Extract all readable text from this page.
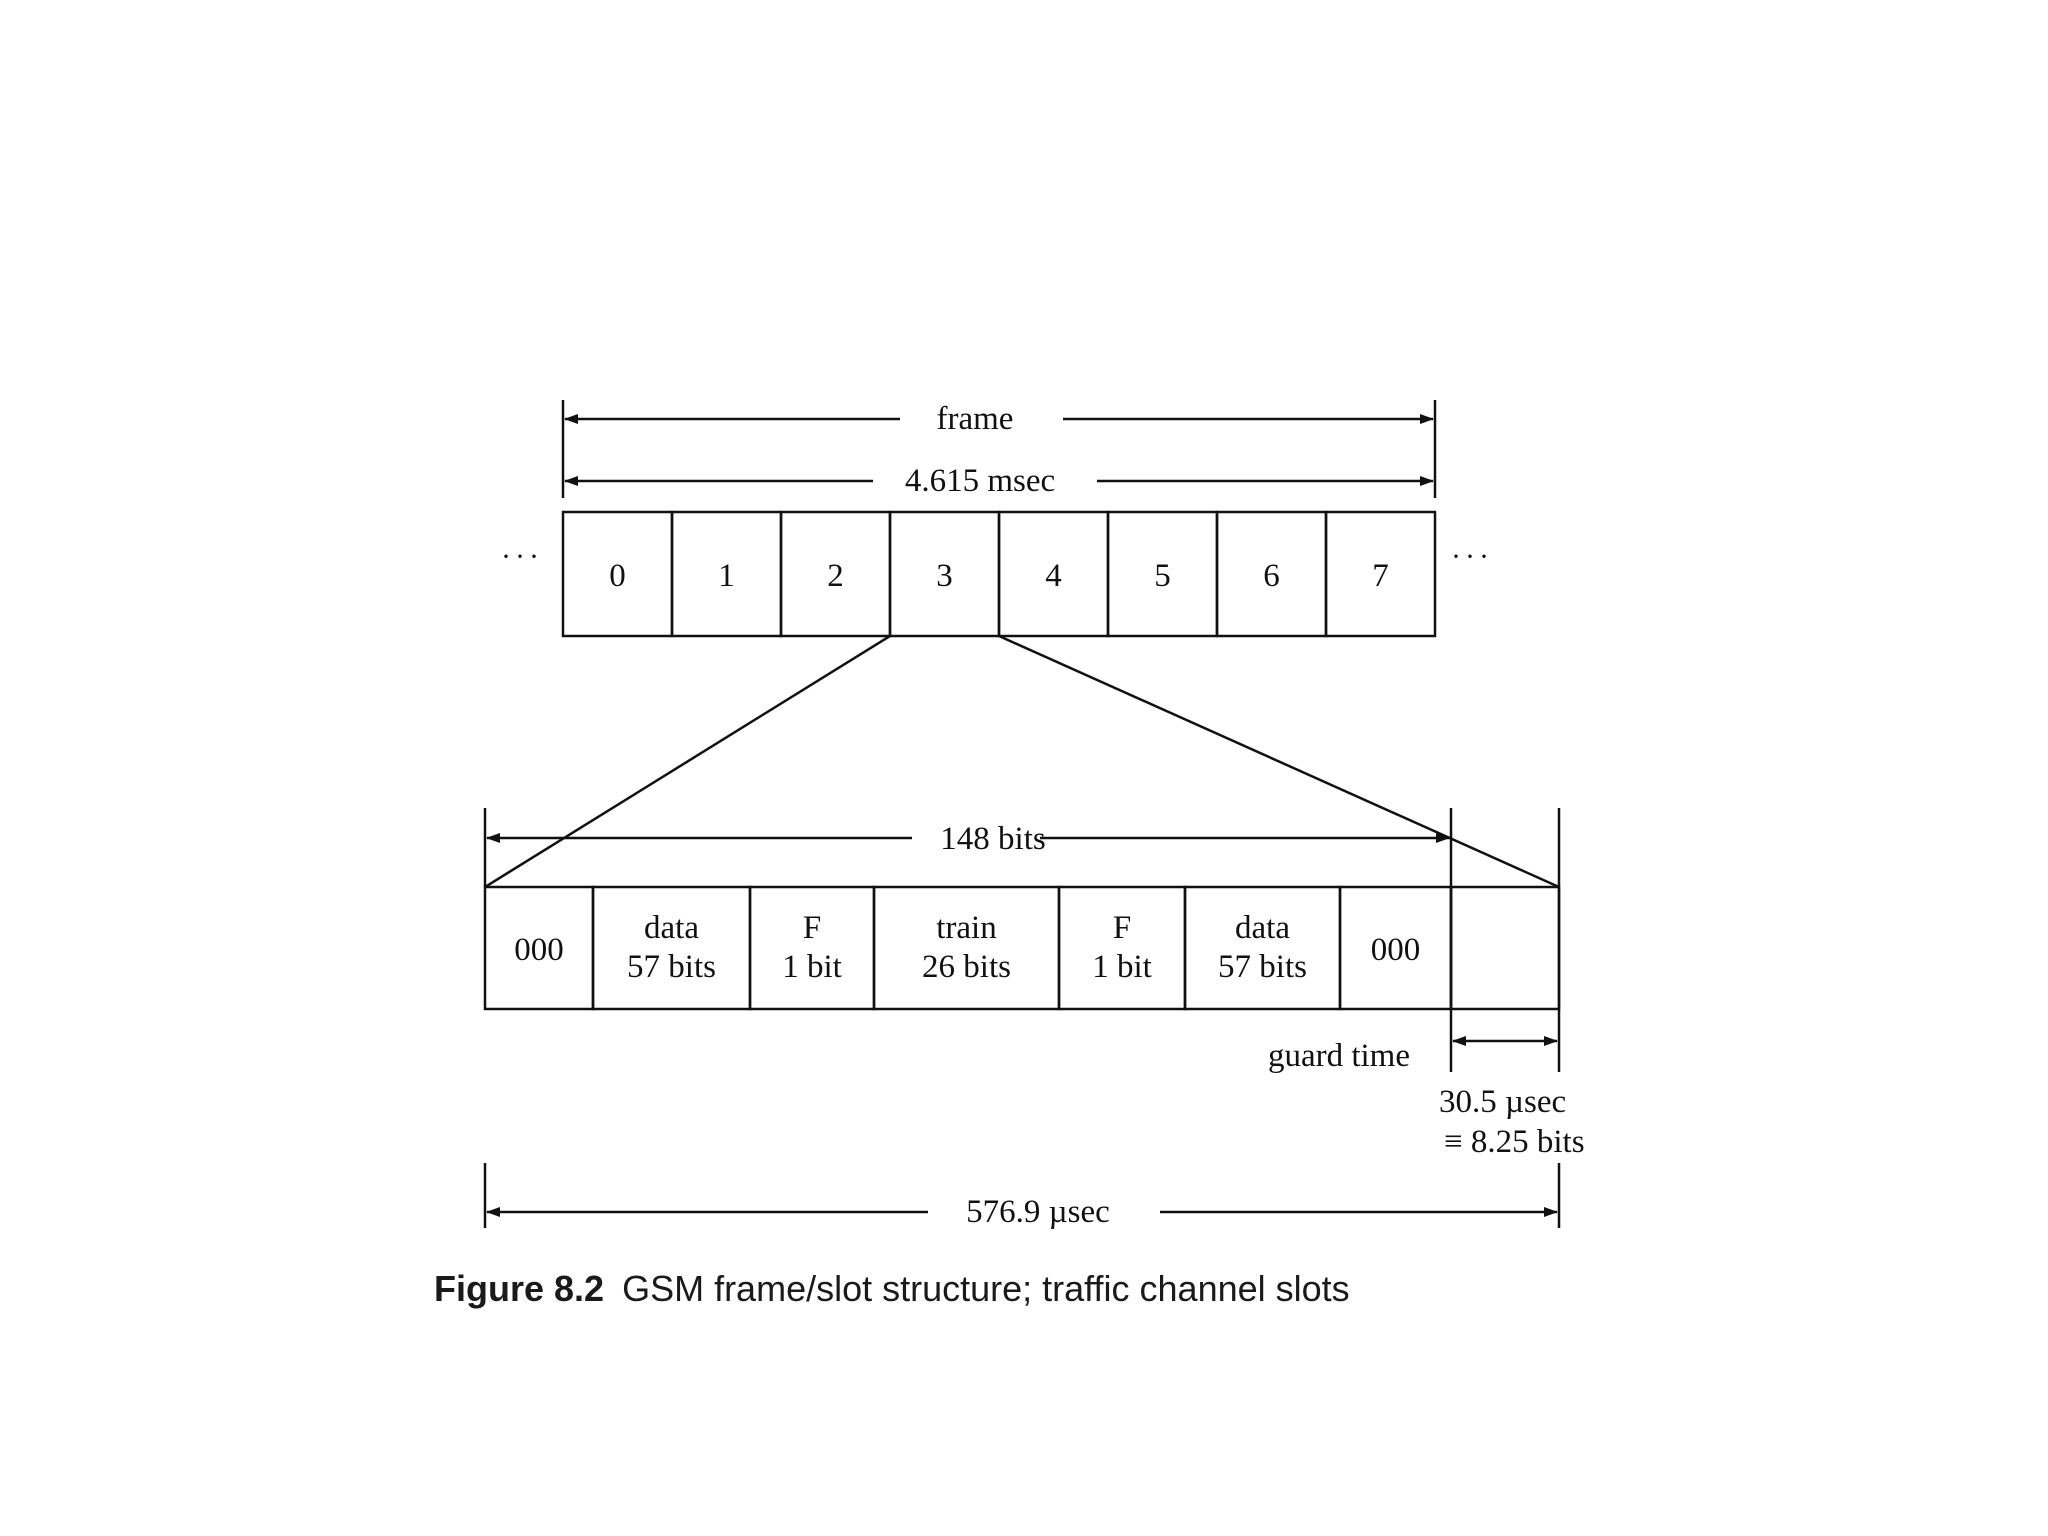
frame
4.615 msec
···	···
0	1	2	3	4	5	6	7
148 bits
000
data
57 bits
F
1 bit
train
26 bits
F
1 bit
data
57 bits 000
guard time
30.5 µsec
≡ 8.25 bits
576.9 µsec
Figure 8.2 GSM frame/slot structure; traffic channel slots
